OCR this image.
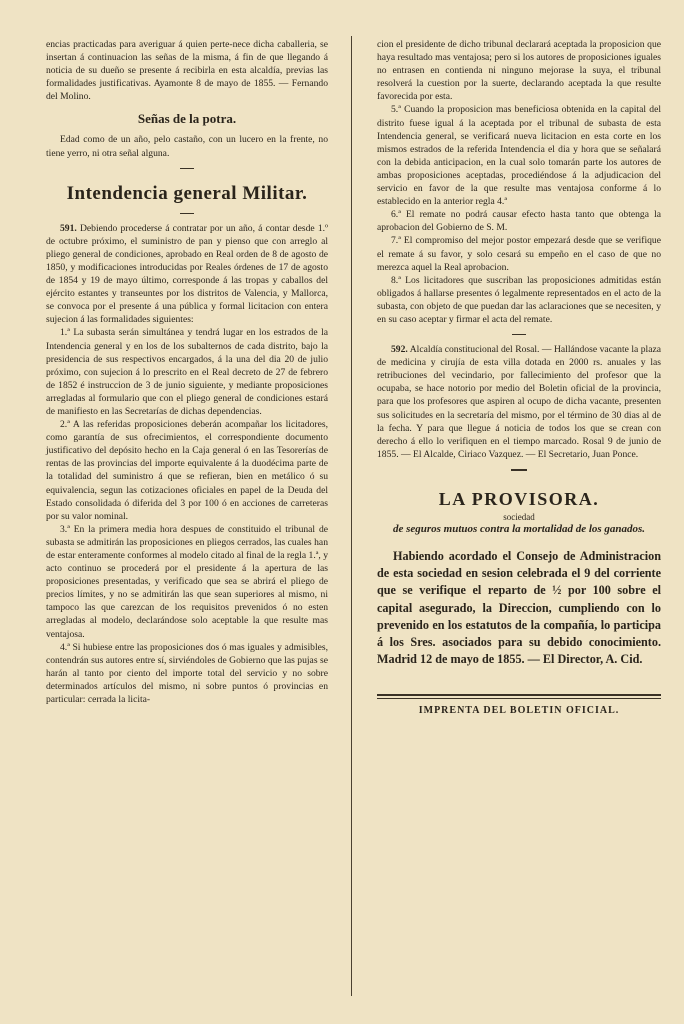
encias practicadas para averiguar á quien perte-nece dicha caballeria, se insertan á continuacion las señas de la misma, á fin de que llegando á noticia de su dueño se presente á recibirla en esta alcaldía, previas las formalidades justificativas. Ayamonte 8 de mayo de 1855. — Fernando del Molino.

Señas de la potra.

Edad como de un año, pelo castaño, con un lucero en la frente, no tiene yerro, ni otra señal alguna.

Intendencia general Militar.

591. Debiendo procederse á contratar por un año, á contar desde 1.º de octubre próximo, el suministro de pan y pienso que con arreglo al pliego general de condiciones, aprobado en Real orden de 8 de agosto de 1850, y modificaciones introducidas por Reales órdenes de 17 de agosto de 1854 y 19 de mayo último, corresponde á las tropas y caballos del ejército estantes y transeuntes por los distritos de Valencia, y Mallorca, se convoca por el presente á una pública y formal licitacion con entera sujecion á las formalidades siguientes:

1.ª La subasta serán simultánea y tendrá lugar en los estrados de la Intendencia general y en los de los subalternos de cada distrito, bajo la presidencia de sus respectivos encargados, á la una del dia 20 de julio próximo, con sujecion á lo prescrito en el Real decreto de 27 de febrero de 1852 é instruccion de 3 de junio siguiente, y mediante proposiciones arregladas al formulario que con el pliego general de condiciones estará de manifiesto en las Secretarías de dichas dependencias.

2.ª A las referidas proposiciones deberán acompañar los licitadores, como garantía de sus ofrecimientos, el correspondiente documento justificativo del depósito hecho en la Caja general ó en las Tesorerías de rentas de las provincias del importe equivalente á la duodécima parte de la totalidad del suministro á que se refieran, bien en metálico ó su equivalencia, segun las cotizaciones oficiales en papel de la Deuda del Estado consolidada ó diferida del 3 por 100 ó en acciones de carreteras por su valor nominal.

3.ª En la primera media hora despues de constituido el tribunal de subasta se admitirán las proposiciones en pliegos cerrados, las cuales han de estar enteramente conformes al modelo citado al final de la regla 1.ª, y acto continuo se procederá por el presidente á la apertura de las proposiciones presentadas, y verificado que sea se abrirá el pliego de precios límites, y no se admitirán las que sean superiores al mismo, ni tampoco las que carezcan de los requisitos prevenidos ó no esten arregladas al modelo, declarándose solo aceptable la que resulte mas ventajosa.

4.ª Si hubiese entre las proposiciones dos ó mas iguales y admisibles, contendrán sus autores entre sí, sirviéndoles de Gobierno que las pujas se harán al tanto por ciento del importe total del servicio y no sobre determinados artículos del mismo, ni sobre puntos ó provincias en particular: cerrada la licita-

cion el presidente de dicho tribunal declarará aceptada la proposicion que haya resultado mas ventajosa; pero si los autores de proposiciones iguales no entrasen en contienda ni ninguno mejorase la suya, el tribunal resolverá la cuestion por la suerte, declarando aceptada la que resulte favorecida por esta.

5.ª Cuando la proposicion mas beneficiosa obtenida en la capital del distrito fuese igual á la aceptada por el tribunal de subasta de esta Intendencia general, se verificará nueva licitacion en esta corte en los mismos estrados de la referida Intendencia el dia y hora que se señalará con la debida anticipacion, en la cual solo tomarán parte los autores de ambas proposiciones aceptadas, procediéndose á la adjudicacion del servicio en favor de la que resulte mas ventajosa conforme á lo establecido en la anterior regla 4.ª

6.ª El remate no podrá causar efecto hasta tanto que obtenga la aprobacion del Gobierno de S. M.

7.ª El compromiso del mejor postor empezará desde que se verifique el remate á su favor, y solo cesará su empeño en el caso de que no merezca aquel la Real aprobacion.

8.ª Los licitadores que suscriban las proposiciones admitidas están obligados á hallarse presentes ó legalmente representados en el acto de la subasta, con objeto de que puedan dar las aclaraciones que se necesiten, y en su caso aceptar y firmar el acta del remate.

592. Alcaldía constitucional del Rosal. — Hallándose vacante la plaza de medicina y cirujía de esta villa dotada en 2000 rs. anuales y las retribuciones del vecindario, por fallecimiento del profesor que la ocupaba, se hace notorio por medio del Boletin oficial de la provincia, para que los profesores que aspiren al ocupo de dicha vacante, presenten sus solicitudes en la secretaría del mismo, por el término de 30 dias al de la fecha. Y para que llegue á noticia de todos los que se crean con derecho á ello lo verifiquen en el tiempo marcado. Rosal 9 de junio de 1855. — El Alcalde, Ciriaco Vazquez. — El Secretario, Juan Ponce.

LA PROVISORA.
sociedad
de seguros mutuos contra la mortalidad de los ganados.

Habiendo acordado el Consejo de Administracion de esta sociedad en sesion celebrada el 9 del corriente que se verifique el reparto de ½ por 100 sobre el capital asegurado, la Direccion, cumpliendo con lo prevenido en los estatutos de la compañía, lo participa á los Sres. asociados para su debido conocimiento. Madrid 12 de mayo de 1855. — El Director, A. Cid.

IMPRENTA DEL BOLETIN OFICIAL.
